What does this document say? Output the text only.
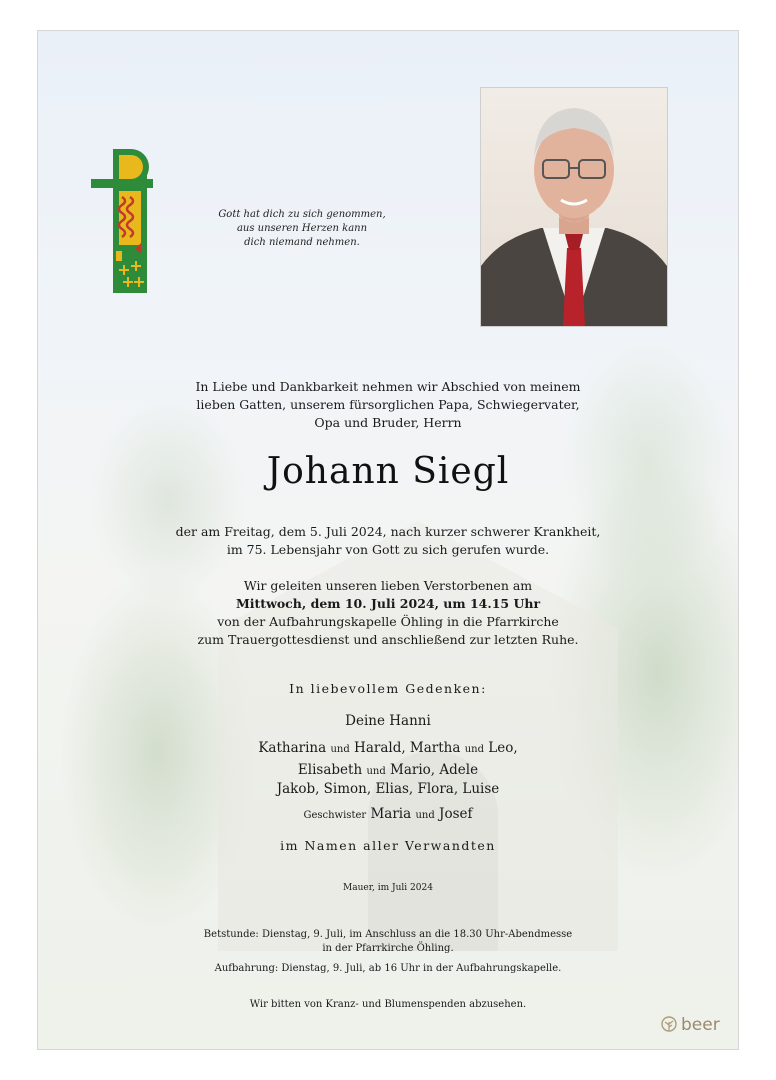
Gott hat dich zu sich genommen,
aus unseren Herzen kann
dich niemand nehmen.
In Liebe und Dankbarkeit nehmen wir Abschied von meinem
lieben Gatten, unserem fürsorglichen Papa, Schwiegervater,
Opa und Bruder, Herrn
Johann Siegl
der am Freitag, dem 5. Juli 2024, nach kurzer schwerer Krankheit,
im 75. Lebensjahr von Gott zu sich gerufen wurde.
Wir geleiten unseren lieben Verstorbenen am
Mittwoch, dem 10. Juli 2024, um 14.15 Uhr
von der Aufbahrungskapelle Öhling in die Pfarrkirche
zum Trauergottesdienst und anschließend zur letzten Ruhe.
In liebevollem Gedenken:
Deine Hanni
Katharina und Harald, Martha und Leo,
Elisabeth und Mario, Adele
Jakob, Simon, Elias, Flora, Luise
Geschwister Maria und Josef
im Namen aller Verwandten
Mauer, im Juli 2024
Betstunde: Dienstag, 9. Juli, im Anschluss an die 18.30 Uhr-Abendmesse
in der Pfarrkirche Öhling.
Aufbahrung: Dienstag, 9. Juli, ab 16 Uhr in der Aufbahrungskapelle.
Wir bitten von Kranz- und Blumenspenden abzusehen.
beer
